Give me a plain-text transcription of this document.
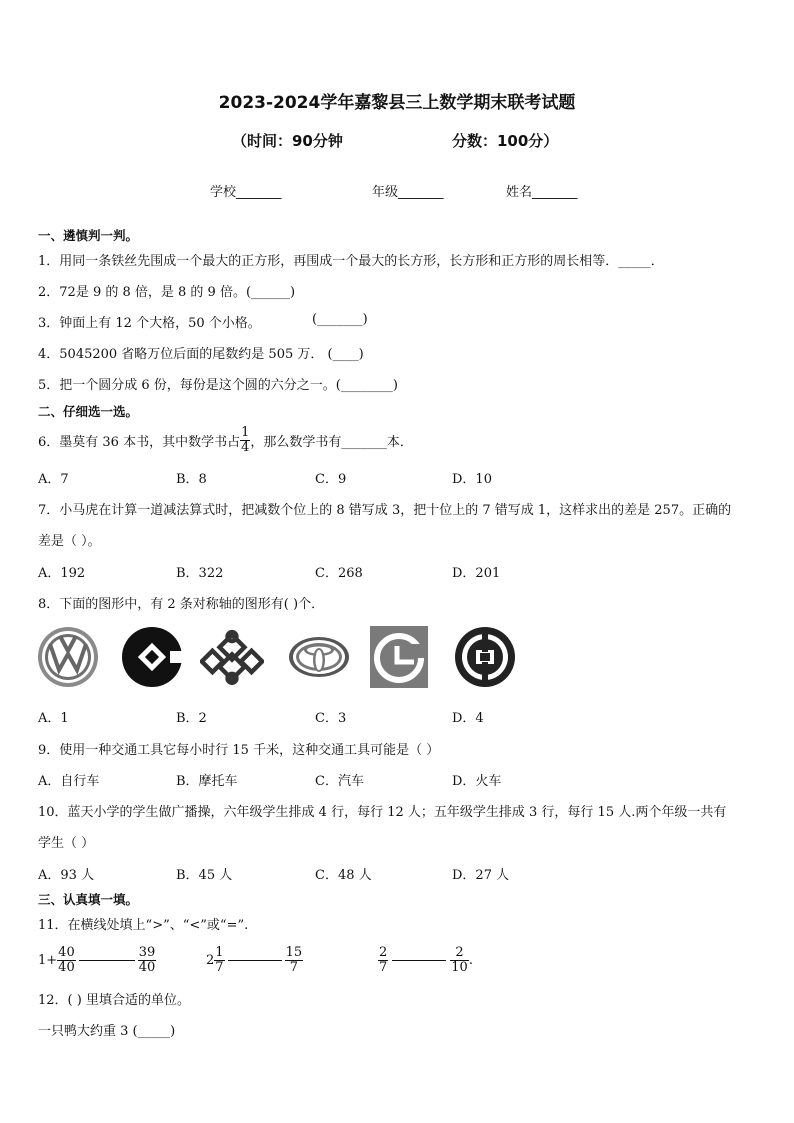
2023-2024学年嘉黎县三上数学期末联考试题
（时间：90分钟	分数：100分）
学校_______	年级_______	姓名_______
一、遴慎判一判。
1．用同一条铁丝先围成一个最大的正方形，再围成一个最大的长方形，长方形和正方形的周长相等．_____．
2．72是 9 的 8 倍，是 8 的 9 倍。(______)
3．钟面上有 12 个大格，50 个小格。	(_______)
4．5045200 省略万位后面的尾数约是 505 万． (____)
5．把一个圆分成 6 份，每份是这个圆的六分之一。(________)
二、仔细选一选。
6．墨莫有 36 本书，其中数学书占 $\frac{1}{4}$ ，那么数学书有_______本．
A．7	B．8	C．9	D．10
7．小马虎在计算一道减法算式时，把减数个位上的 8 错写成 3，把十位上的 7 错写成 1，这样求出的差是 257。正确的
差是（ ）。
A．192	B．322	C．268	D．201
8．下面的图形中，有 2 条对称轴的图形有( )个．
A．1	B．2	C．3	D．4
9．使用一种交通工具它每小时行 15 千米，这种交通工具可能是（ ）
A．自行车	B．摩托车	C．汽车	D．火车
10．蓝天小学的学生做广播操，六年级学生排成 4 行，每行 12 人；五年级学生排成 3 行，每行 15 人.两个年级一共有
学生（ ）
A．93 人	B．45 人	C．48 人	D．27 人
三、认真填一填。
11．在横线处填上“>”、“<”或“=”.
$1+ \frac{40}{40}$	$\frac{39}{40}$	$2 \frac{1}{7}$	$\frac{15}{7}$	$\frac{2}{7}$	$\frac{2}{10}$ .
12．( ) 里填合适的单位。
一只鸭大约重 3 (_____)
